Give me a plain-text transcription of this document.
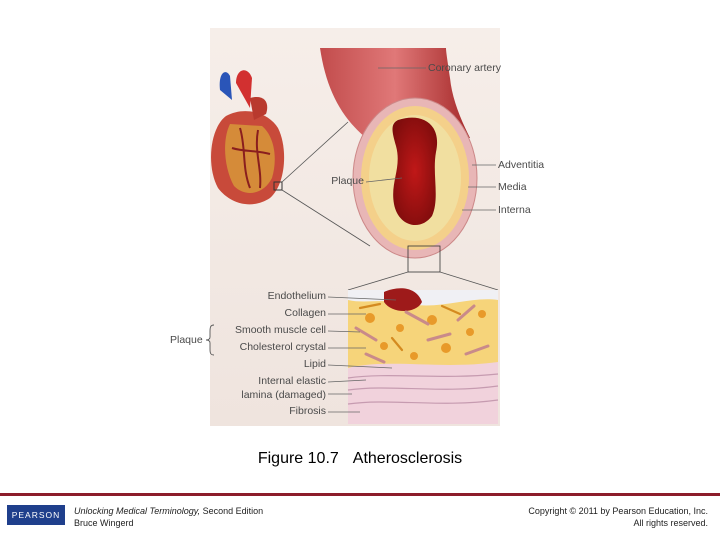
Coronary artery
Plaque
Adventitia
Media
Interna
Endothelium
Collagen
Smooth muscle cell
Cholesterol crystal
Lipid
Internal elastic
lamina (damaged)
Fibrosis
Plaque
Figure 10.7 Atherosclerosis
PEARSON Unlocking Medical Terminology, Second Edition
Bruce Wingerd
Copyright © 2011 by Pearson Education, Inc.
All rights reserved.
